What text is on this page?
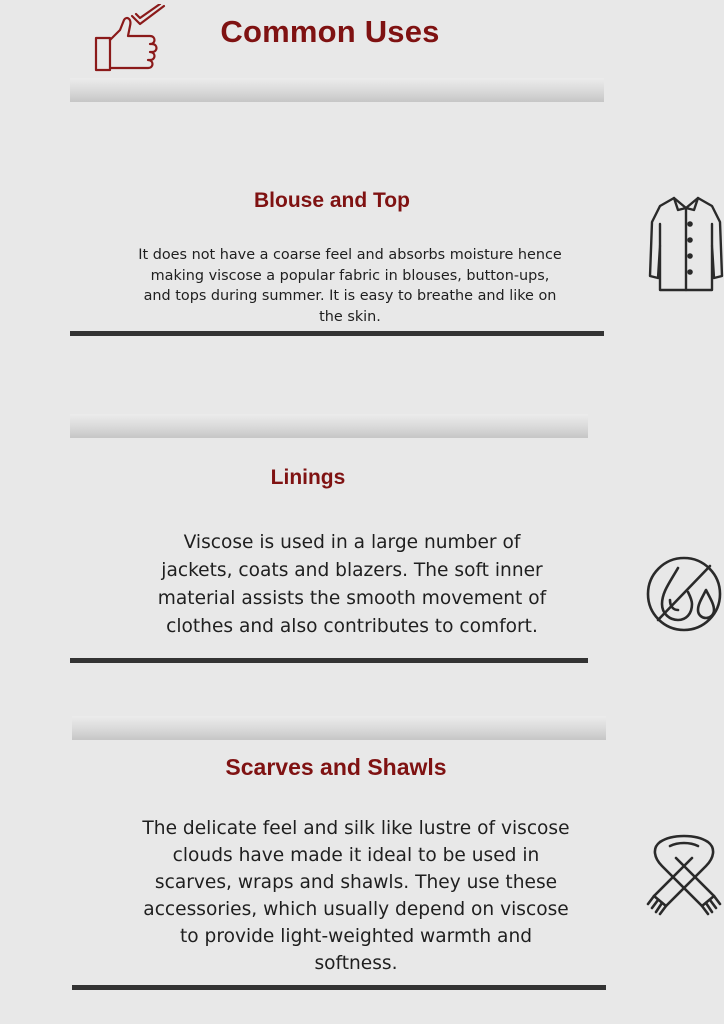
Common Uses
Blouse and Top
It does not have a coarse feel and absorbs moisture hence
making viscose a popular fabric in blouses, button-ups,
and tops during summer. It is easy to breathe and like on
the skin.
Linings
Viscose is used in a large number of
jackets, coats and blazers. The soft inner
material assists the smooth movement of
clothes and also contributes to comfort.
Scarves and Shawls
The delicate feel and silk like lustre of viscose
clouds have made it ideal to be used in
scarves, wraps and shawls. They use these
accessories, which usually depend on viscose
to provide light-weighted warmth and
softness.
